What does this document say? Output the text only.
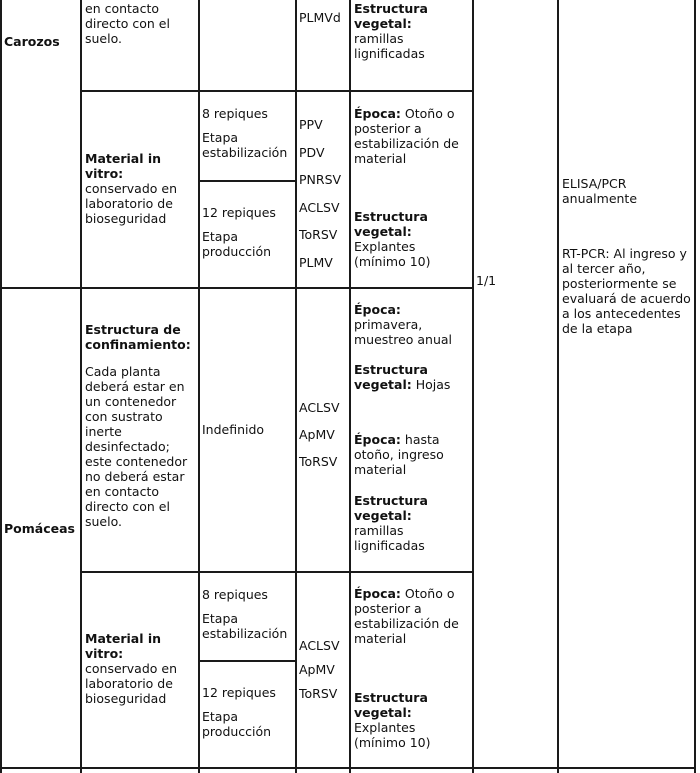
Carozos
en contacto directo con el suelo.
PLMVd

Estructura vegetal:

ramillas lignificadas

Material in vitro:

conservado en laboratorio de bioseguridad

8 repiques

Etapa estabilización

12 repiques

Etapa producción

PPV

PDV

PNRSV

ACLSV

ToRSV

PLMV

Época: Otoño o posterior a estabilización de material

Estructura vegetal:

Explantes (mínimo 10)

1/1
ELISA/PCR anualmente
RT-PCR: Al ingreso y al tercer año, posteriormente se evaluará de acuerdo a los antecedentes de la etapa
Pomáceas

Estructura de confinamiento:

Cada planta deberá estar en un contenedor con sustrato inerte desinfectado; este contenedor no deberá estar en contacto directo con el suelo.

Indefinido

ACLSV

ApMV

ToRSV

Época:

primavera, muestreo anual

Estructura vegetal: Hojas
Época: hasta otoño, ingreso material

Estructura vegetal:

ramillas lignificadas

Material in vitro:

conservado en laboratorio de bioseguridad

8 repiques

Etapa estabilización

12 repiques

Etapa producción

ACLSV

ApMV

ToRSV

Época: Otoño o posterior a estabilización de material

Estructura vegetal:

Explantes (mínimo 10)
